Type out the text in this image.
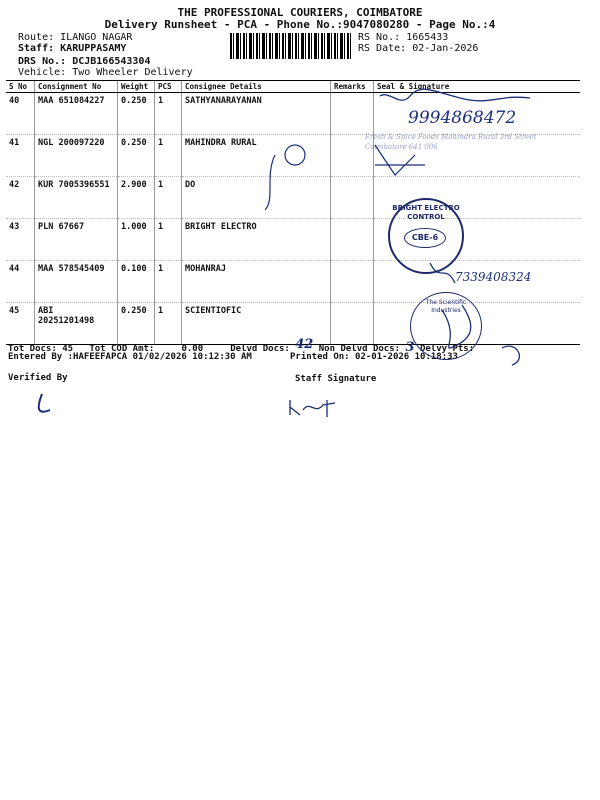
THE PROFESSIONAL COURIERS, COIMBATORE
Delivery Runsheet - PCA - Phone No.:9047080280 - Page No.:4
Route: ILANGO NAGAR
Staff: KARUPPASAMY
DRS No.: DCJB166543304
Vehicle: Two Wheeler Delivery
RS No.: 1665433
RS Date: 02-Jan-2026
S No	Consignment No	Weight	PCS	Consignee Details	Remarks	Seal & Signature
40	MAA 651084227	0.250	1	SATHYANARAYANAN		
41	NGL 200097220	0.250	1	MAHINDRA RURAL		
42	KUR 7005396551	2.900	1	DO		
43	PLN 67667	1.000	1	BRIGHT ELECTRO		
44	MAA 578545409	0.100	1	MOHANRAJ		
45	ABI 20251201498	0.250	1	SCIENTIOFIC		
Tot Docs: 45 Tot COD Amt:	0.00	Delvd Docs: 42 Non Delvd Docs: 3 Delvy Pts:
Entered By :HAFEEFAPCA 01/02/2026 10:12:30 AM	Printed On: 02-01-2026 10:18:33
Verified By	Staff Signature
9994868472
7339408324
Fresh & Spice Foods Mahindra Rural 3rd Street Coimbatore 641 006
BRIGHT ELECTRO CONTROL
CBE-6
The Scientific Industries
